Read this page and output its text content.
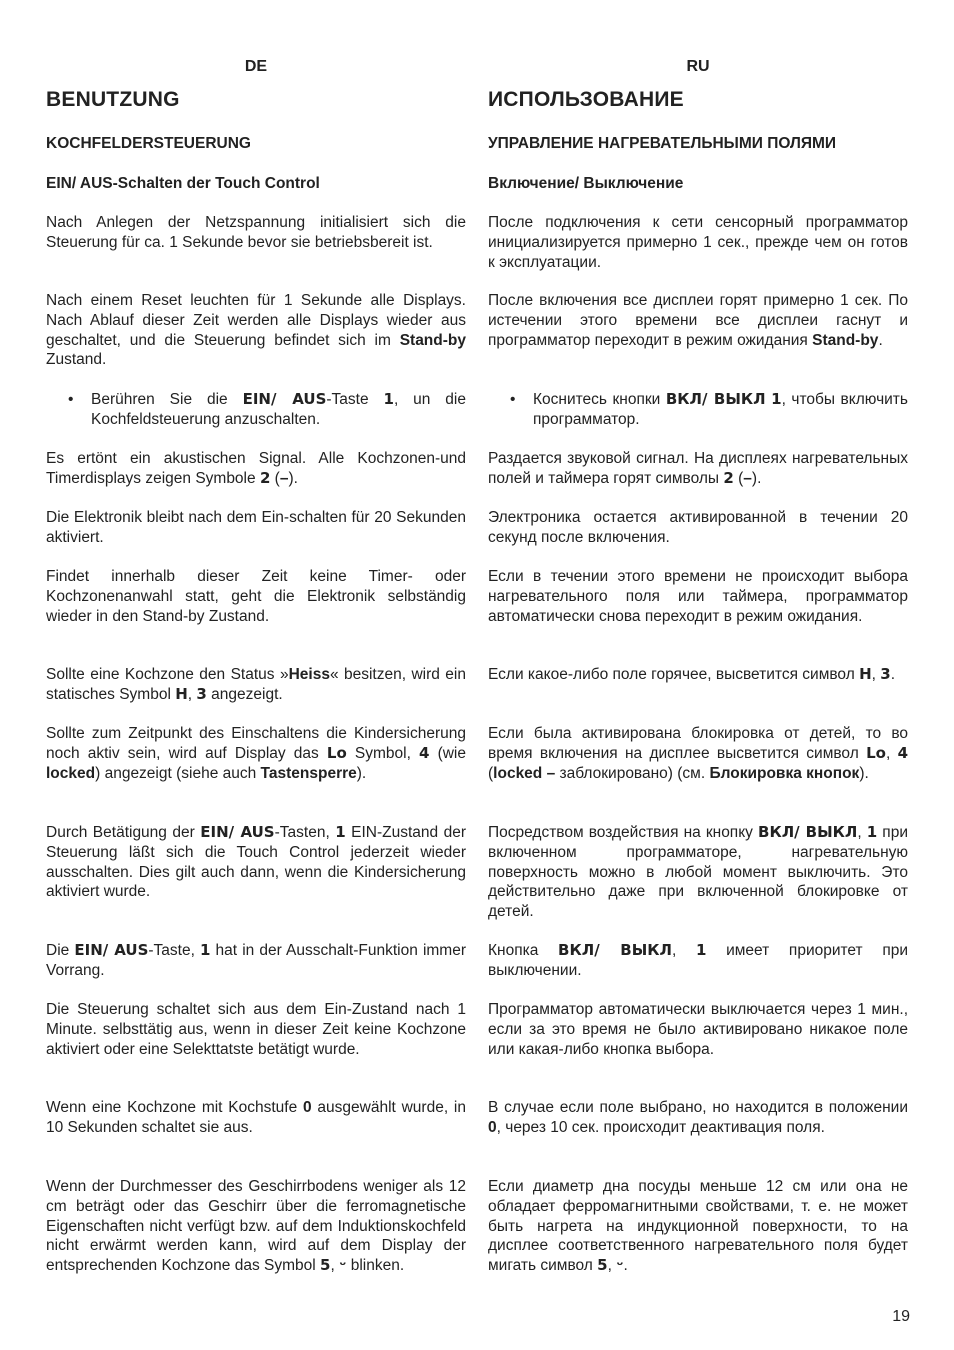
DE
BENUTZUNG
KOCHFELDERSTEUERUNG

EIN/ AUS-Schalten der Touch Control

Nach Anlegen der Netzspannung initialisiert sich die Steuerung für ca. 1 Sekunde bevor sie betriebsbereit ist.

Nach einem Reset leuchten für 1 Sekunde alle Displays. Nach Ablauf dieser Zeit werden alle Displays wieder aus geschaltet, und die Steuerung befindet sich im Stand-by Zustand.

• Berühren Sie die EIN/ AUS-Taste 1, un die Kochfeldsteuerung anzuschalten.

Es ertönt ein akustischen Signal. Alle Kochzonen-und Timerdisplays zeigen Symbole 2 (–).

Die Elektronik bleibt nach dem Ein-schalten für 20 Sekunden aktiviert.

Findet innerhalb dieser Zeit keine Timer- oder Kochzonenanwahl statt, geht die Elektronik selbständig wieder in den Stand-by Zustand.

Sollte eine Kochzone den Status »Heiss« besitzen, wird ein statisches Symbol H, 3 angezeigt.

Sollte zum Zeitpunkt des Einschaltens die Kindersicherung noch aktiv sein, wird auf Display das Lo Symbol, 4 (wie locked) angezeigt (siehe auch Tastensperre).

Durch Betätigung der EIN/ AUS-Tasten, 1 EIN-Zustand der Steuerung läßt sich die Touch Control jederzeit wieder ausschalten. Dies gilt auch dann, wenn die Kindersicherung aktiviert wurde.

Die EIN/ AUS-Taste, 1 hat in der Ausschalt-Funktion immer Vorrang.

Die Steuerung schaltet sich aus dem Ein-Zustand nach 1 Minute. selbsttätig aus, wenn in dieser Zeit keine Kochzone aktiviert oder eine Selekttatste betätigt wurde.

Wenn eine Kochzone mit Kochstufe 0 ausgewählt wurde, in 10 Sekunden schaltet sie aus.

Wenn der Durchmesser des Geschirrbodens weniger als 12 cm beträgt oder das Geschirr über die ferromagnetische Eigenschaften nicht verfügt bzw. auf dem Induktionskochfeld nicht erwärmt werden kann, wird auf dem Display der entsprechenden Kochzone das Symbol 5, ᵕ blinken.

RU
ИСПОЛЬЗОВАНИЕ
УПРАВЛЕНИЕ НАГРЕВАТЕЛЬНЫМИ ПОЛЯМИ

Включение/ Выключение

После подключения к сети сенсорный программатор инициализируется примерно 1 сек., прежде чем он готов к эксплуатации.

После включения все дисплеи горят примерно 1 сек. По истечении этого времени все дисплеи гаснут и программатор переходит в режим ожидания Stand-by.

• Коснитесь кнопки ВКЛ/ ВЫКЛ 1, чтобы включить программатор.

Раздается звуковой сигнал. На дисплеях нагревательных полей и таймера горят символы 2 (–).

Электроника остается активированной в течении 20 секунд после включения.

Если в течении этого времени не происходит выбора нагревательного поля или таймера, программатор автоматически снова переходит в режим ожидания.

Если какое-либо поле горячее, высветится символ H, 3.

Если была активирована блокировка от детей, то во время включения на дисплее высветится символ Lo, 4 (locked – заблокировано) (см. Блокировка кнопок).

Посредством воздействия на кнопку ВКЛ/ ВЫКЛ, 1 при включенном программаторе, нагревательную поверхность можно в любой момент выключить. Это действительно даже при включенной блокировке от детей.

Кнопка ВКЛ/ ВЫКЛ, 1 имеет приоритет при выключении.

Программатор автоматически выключается через 1 мин., если за это время не было активировано никакое поле или какая-либо кнопка выбора.

В случае если поле выбрано, но находится в положении 0, через 10 сек. происходит деактивация поля.

Если диаметр дна посуды меньше 12 см или она не обладает ферромагнитными свойствами, т. е. не может быть нагрета на индукционной поверхности, то на дисплее соответственного нагревательного поля будет мигать символ 5, ᵕ.

19
